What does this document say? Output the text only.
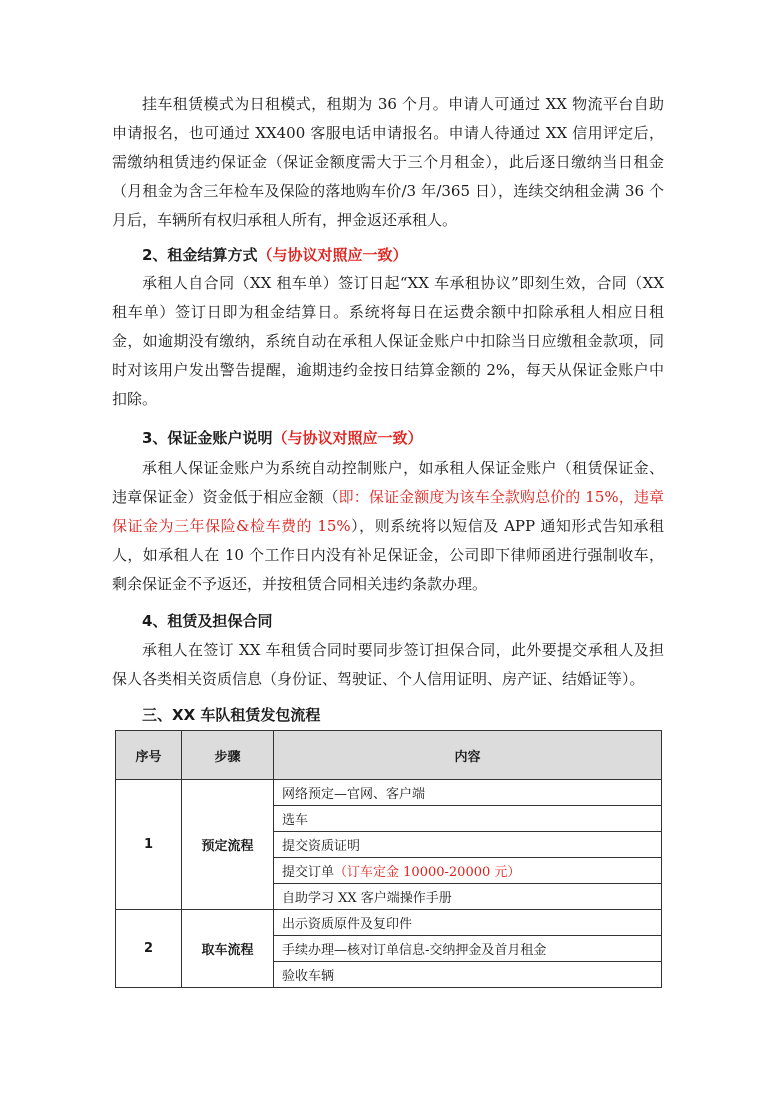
挂车租赁模式为日租模式，租期为 36 个月。申请人可通过 XX 物流平台自助申请报名，也可通过 XX400 客服电话申请报名。申请人待通过 XX 信用评定后，需缴纳租赁违约保证金（保证金额度需大于三个月租金），此后逐日缴纳当日租金（月租金为含三年检车及保险的落地购车价/3 年/365 日），连续交纳租金满 36 个月后，车辆所有权归承租人所有，押金返还承租人。

2、租金结算方式（与协议对照应一致）

承租人自合同（XX 租车单）签订日起“XX 车承租协议”即刻生效，合同（XX 租车单）签订日即为租金结算日。系统将每日在运费余额中扣除承租人相应日租金，如逾期没有缴纳，系统自动在承租人保证金账户中扣除当日应缴租金款项，同时对该用户发出警告提醒，逾期违约金按日结算金额的 2%，每天从保证金账户中扣除。

3、保证金账户说明（与协议对照应一致）

承租人保证金账户为系统自动控制账户，如承租人保证金账户（租赁保证金、违章保证金）资金低于相应金额（即：保证金额度为该车全款购总价的 15%，违章保证金为三年保险&检车费的 15%），则系统将以短信及 APP 通知形式告知承租人，如承租人在 10 个工作日内没有补足保证金，公司即下律师函进行强制收车，剩余保证金不予返还，并按租赁合同相关违约条款办理。

4、租赁及担保合同

承租人在签订 XX 车租赁合同时要同步签订担保合同，此外要提交承租人及担保人各类相关资质信息（身份证、驾驶证、个人信用证明、房产证、结婚证等）。

三、XX 车队租赁发包流程

序号	步骤	内容
1	预定流程	网络预定—官网、客户端
		选车
		提交资质证明
		提交订单（订车定金 10000-20000 元）
		自助学习 XX 客户端操作手册
2	取车流程	出示资质原件及复印件
		手续办理—核对订单信息-交纳押金及首月租金
		验收车辆
